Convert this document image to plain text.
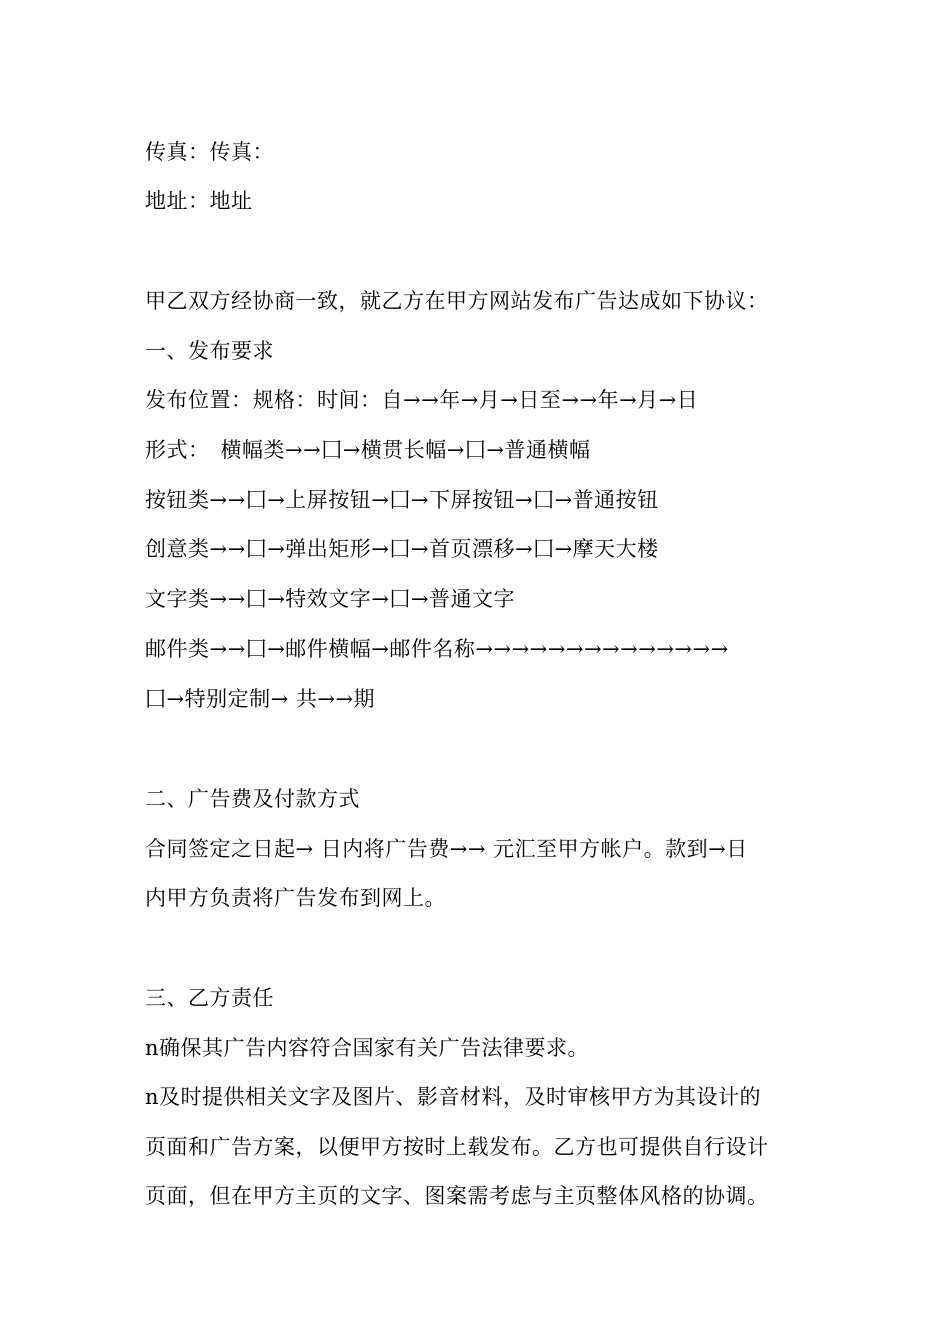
传真：传真：
地址：地址
甲乙双方经协商一致，就乙方在甲方网站发布广告达成如下协议：
一、发布要求
发布位置：规格：时间：自→→年→月→日至→→年→月→日
形式：　横幅类→→囗→横贯长幅→囗→普通横幅
按钮类→→囗→上屏按钮→囗→下屏按钮→囗→普通按钮
创意类→→囗→弹出矩形→囗→首页漂移→囗→摩天大楼
文字类→→囗→特效文字→囗→普通文字
邮件类→→囗→邮件横幅→邮件名称→→→→→→→→→→→→→→
囗→特别定制→ 共→→期
二、广告费及付款方式
合同签定之日起→ 日内将广告费→→ 元汇至甲方帐户。款到→日
内甲方负责将广告发布到网上。
三、乙方责任
n确保其广告内容符合国家有关广告法律要求。
n及时提供相关文字及图片、影音材料，及时审核甲方为其设计的
页面和广告方案，以便甲方按时上载发布。乙方也可提供自行设计
页面，但在甲方主页的文字、图案需考虑与主页整体风格的协调。
